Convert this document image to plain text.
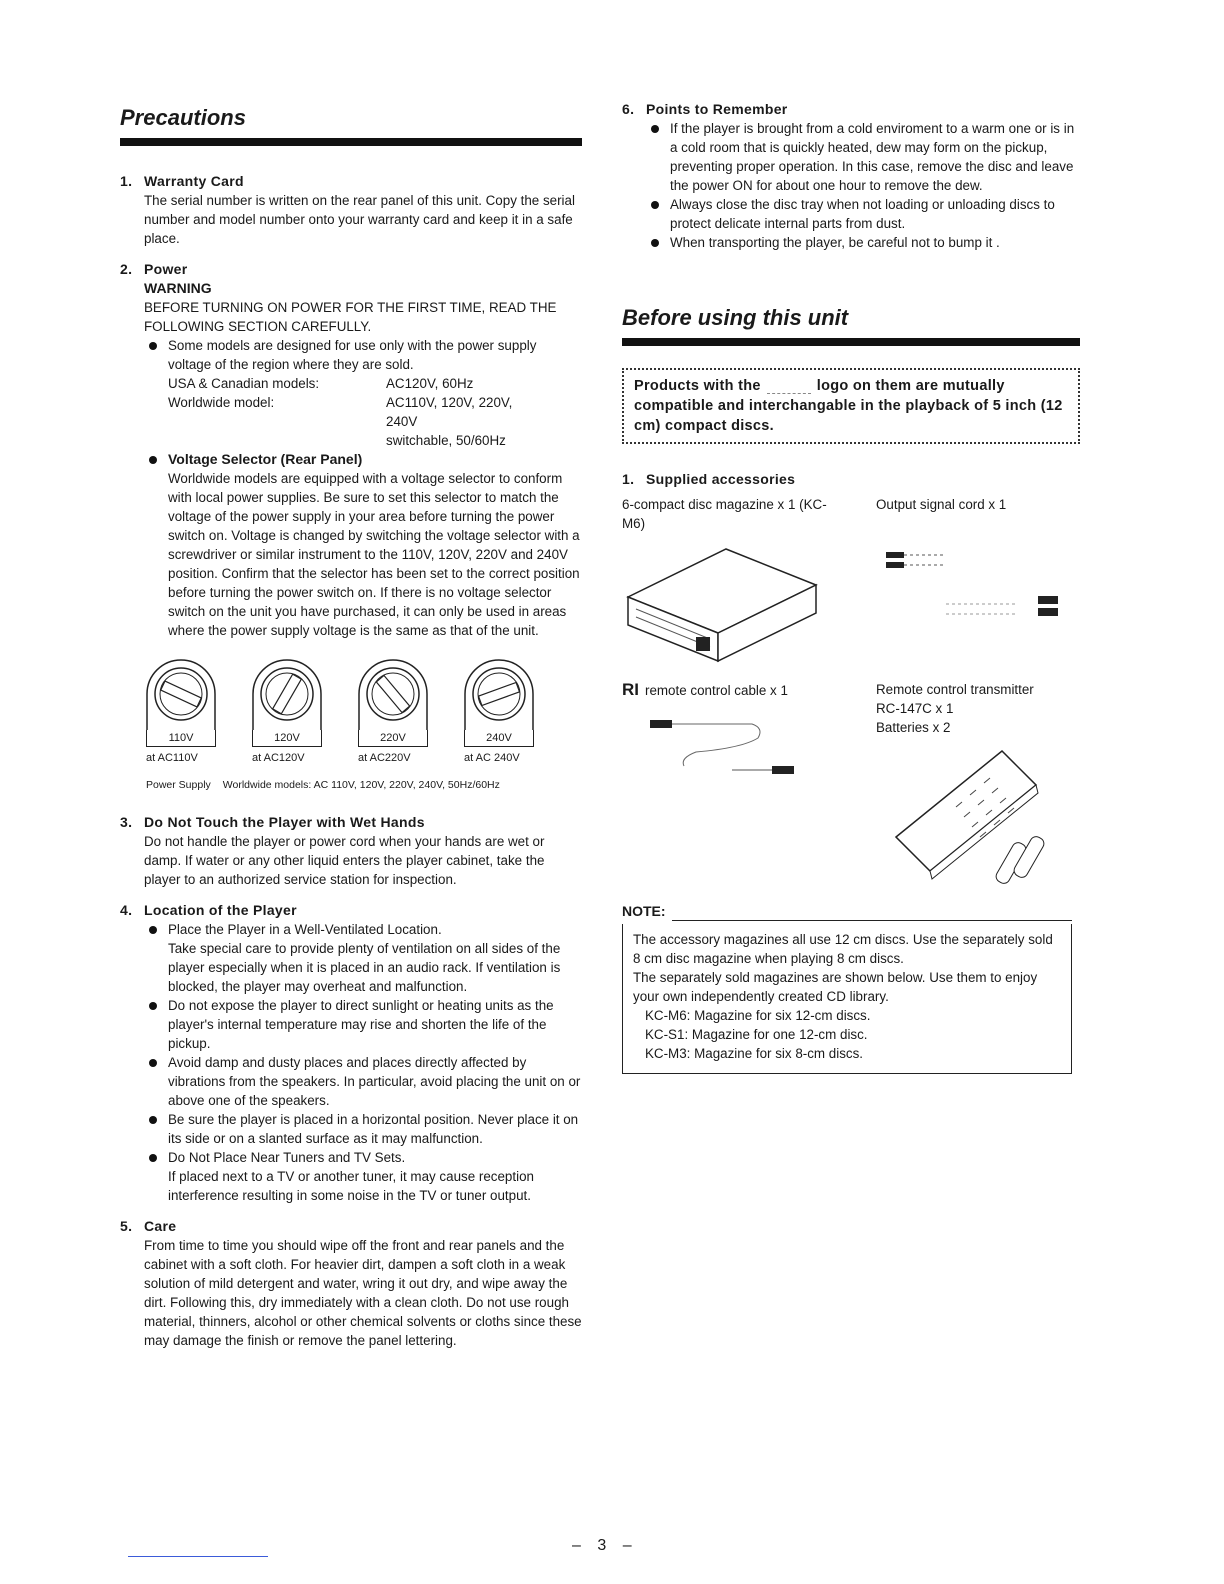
Precautions
1. Warranty Card

The serial number is written on the rear panel of this unit. Copy the serial number and model number onto your warranty card and keep it in a safe place.

2. Power
WARNING

BEFORE TURNING ON POWER FOR THE FIRST TIME, READ THE FOLLOWING SECTION CAREFULLY.

Some models are designed for use only with the power supply voltage of the region where they are sold.
USA & Canadian models:	AC120V, 60Hz
Worldwide model:	AC110V, 120V, 220V, 240V
switchable, 50/60Hz
Voltage Selector (Rear Panel)
Worldwide models are equipped with a voltage selector to conform with local power supplies. Be sure to set this selector to match the voltage of the power supply in your area before turning the power switch on. Voltage is changed by switching the voltage selector with a screwdriver or similar instrument to the 110V, 120V, 220V and 240V position. Confirm that the selector has been set to the correct position before turning the power switch on. If there is no voltage selector switch on the unit you have purchased, it can only be used in areas where the power supply voltage is the same as that of the unit.
110V
at AC110V
120V
at AC120V
220V
at AC220V
240V
at AC 240V
Power Supply Worldwide models: AC 110V, 120V, 220V, 240V, 50Hz/60Hz
3. Do Not Touch the Player with Wet Hands

Do not handle the player or power cord when your hands are wet or damp. If water or any other liquid enters the player cabinet, take the player to an authorized service station for inspection.

4. Location of the Player
Place the Player in a Well-Ventilated Location.
Take special care to provide plenty of ventilation on all sides of the player especially when it is placed in an audio rack. If ventilation is blocked, the player may overheat and malfunction.
Do not expose the player to direct sunlight or heating units as the player's internal temperature may rise and shorten the life of the pickup.
Avoid damp and dusty places and places directly affected by vibrations from the speakers. In particular, avoid placing the unit on or above one of the speakers.
Be sure the player is placed in a horizontal position. Never place it on its side or on a slanted surface as it may malfunction.
Do Not Place Near Tuners and TV Sets.
If placed next to a TV or another tuner, it may cause reception interference resulting in some noise in the TV or tuner output.
5. Care

From time to time you should wipe off the front and rear panels and the cabinet with a soft cloth. For heavier dirt, dampen a soft cloth in a weak solution of mild detergent and water, wring it out dry, and wipe away the dirt. Following this, dry immediately with a clean cloth. Do not use rough material, thinners, alcohol or other chemical solvents or cloths since these may damage the finish or remove the panel lettering.

6. Points to Remember
If the player is brought from a cold enviroment to a warm one or is in a cold room that is quickly heated, dew may form on the pickup, preventing proper operation. In this case, remove the disc and leave the power ON for about one hour to remove the dew.
Always close the disc tray when not loading or unloading discs to protect delicate internal parts from dust.
When transporting the player, be careful not to bump it .
Before using this unit
Products with the	logo on them are mutually compatible and interchangable in the playback of 5 inch (12 cm) compact discs.
1. Supplied accessories
6-compact disc magazine x 1 (KC-M6)
Output signal cord x 1
RI remote control cable x 1	Remote control transmitter
RC-147C x 1
Batteries x 2
NOTE:
The accessory magazines all use 12 cm discs. Use the separately sold 8 cm disc magazine when playing 8 cm discs.
The separately sold magazines are shown below. Use them to enjoy your own independently created CD library.
KC-M6: Magazine for six 12-cm discs.
KC-S1: Magazine for one 12-cm disc.
KC-M3: Magazine for six 8-cm discs.
– 3 –
